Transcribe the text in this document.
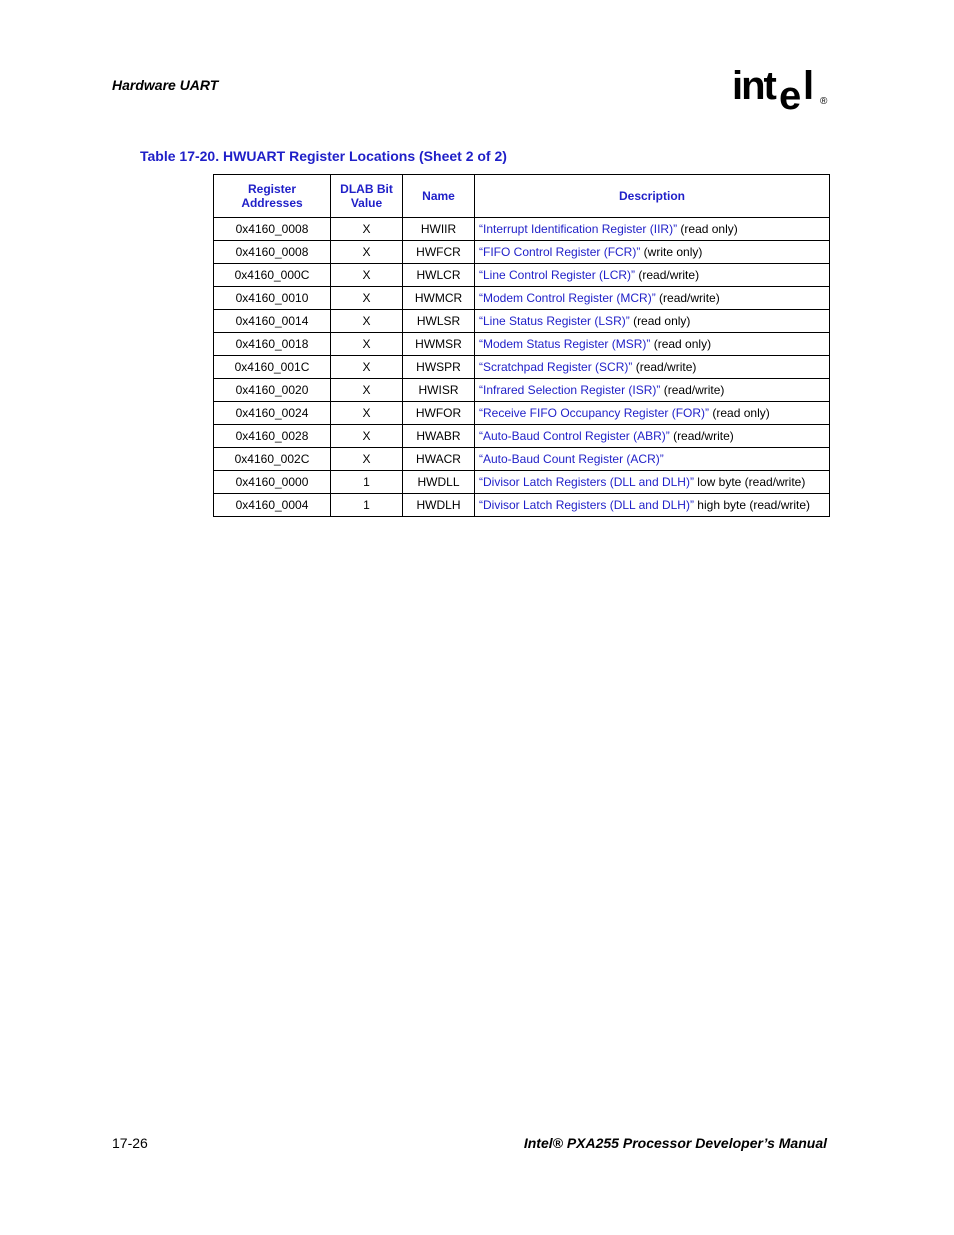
Hardware UART	int e l ®
Table 17-20. HWUART Register Locations (Sheet 2 of 2)
Register Addresses	DLAB Bit Value	Name	Description
0x4160_0008	X	HWIIR	“Interrupt Identification Register (IIR)” (read only)
0x4160_0008	X	HWFCR	“FIFO Control Register (FCR)” (write only)
0x4160_000C	X	HWLCR	“Line Control Register (LCR)” (read/write)
0x4160_0010	X	HWMCR	“Modem Control Register (MCR)” (read/write)
0x4160_0014	X	HWLSR	“Line Status Register (LSR)” (read only)
0x4160_0018	X	HWMSR	“Modem Status Register (MSR)” (read only)
0x4160_001C	X	HWSPR	“Scratchpad Register (SCR)” (read/write)
0x4160_0020	X	HWISR	“Infrared Selection Register (ISR)” (read/write)
0x4160_0024	X	HWFOR	“Receive FIFO Occupancy Register (FOR)” (read only)
0x4160_0028	X	HWABR	“Auto-Baud Control Register (ABR)” (read/write)
0x4160_002C	X	HWACR	“Auto-Baud Count Register (ACR)”
0x4160_0000	1	HWDLL	“Divisor Latch Registers (DLL and DLH)” low byte (read/write)
0x4160_0004	1	HWDLH	“Divisor Latch Registers (DLL and DLH)” high byte (read/write)
17-26	Intel® PXA255 Processor Developer’s Manual
